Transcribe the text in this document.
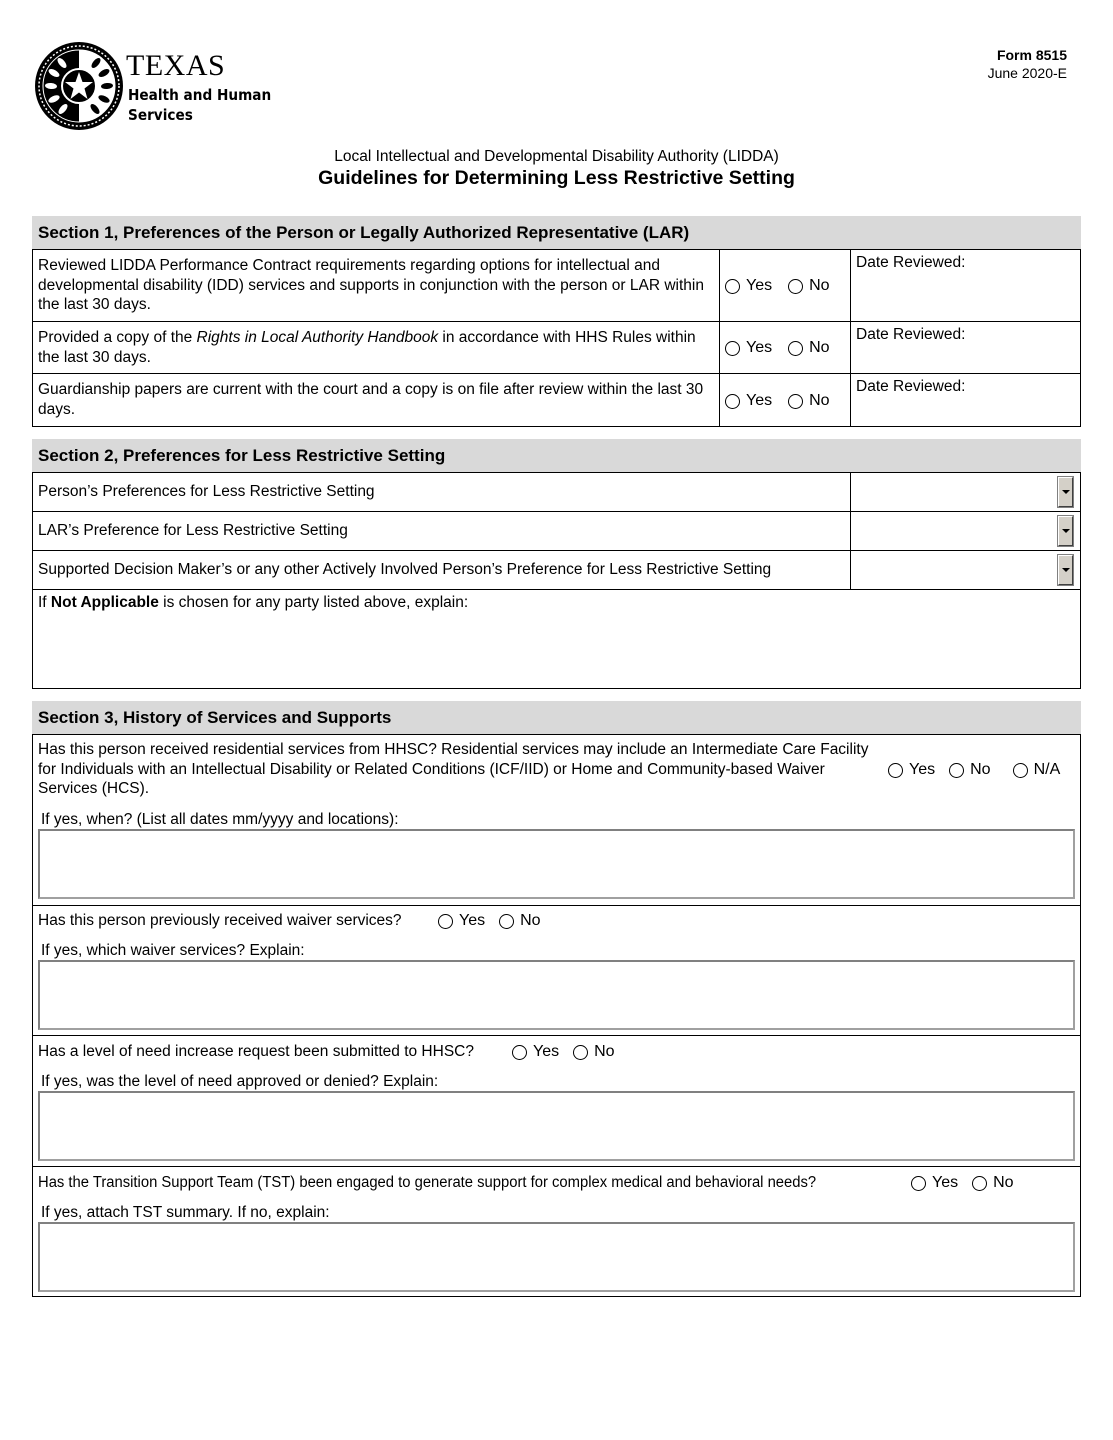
TEXAS
Health and Human
Services
Form 8515
June 2020-E
Local Intellectual and Developmental Disability Authority (LIDDA)
Guidelines for Determining Less Restrictive Setting
Section 1, Preferences of the Person or Legally Authorized Representative (LAR)
Reviewed LIDDA Performance Contract requirements regarding options for intellectual and developmental disability (IDD) services and supports in conjunction with the person or LAR within the last 30 days.
Yes No
Date Reviewed:
Provided a copy of the Rights in Local Authority Handbook in accordance with HHS Rules within the last 30 days.
Yes No
Date Reviewed:
Guardianship papers are current with the court and a copy is on file after review within the last 30 days.	Yes No
Date Reviewed:
Section 2, Preferences for Less Restrictive Setting
Person’s Preferences for Less Restrictive Setting
LAR’s Preference for Less Restrictive Setting
Supported Decision Maker’s or any other Actively Involved Person’s Preference for Less Restrictive Setting
If Not Applicable is chosen for any party listed above, explain:
Section 3, History of Services and Supports
Has this person received residential services from HHSC? Residential services may include an Intermediate Care Facility for Individuals with an Intellectual Disability or Related Conditions (ICF/IID) or Home and Community-based Waiver Services (HCS).
Yes No	N/A
If yes, when? (List all dates mm/yyyy and locations):
Has this person previously received waiver services?	Yes No
If yes, which waiver services? Explain:
Has a level of need increase request been submitted to HHSC?	Yes No
If yes, was the level of need approved or denied? Explain:
Has the Transition Support Team (TST) been engaged to generate support for complex medical and behavioral needs?	Yes No
If yes, attach TST summary. If no, explain:
